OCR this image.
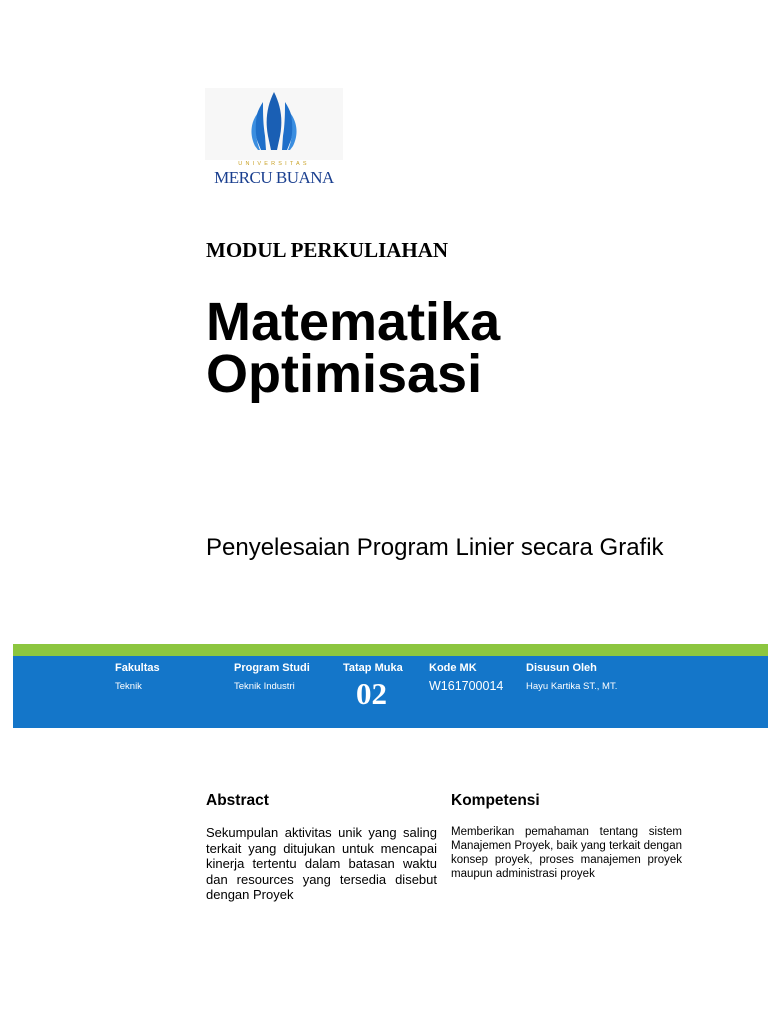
UNIVERSITAS
MERCU BUANA
MODUL PERKULIAHAN
Matematika Optimisasi
Penyelesaian Program Linier secara Grafik
Fakultas
Teknik
Program Studi
Teknik Industri
Tatap Muka
02
Kode MK
W161700014
Disusun Oleh
Hayu Kartika ST., MT.
Abstract	Kompetensi
Sekumpulan aktivitas unik yang saling terkait yang ditujukan untuk mencapai kinerja tertentu dalam batasan waktu dan resources yang tersedia disebut dengan Proyek
Memberikan pemahaman tentang sistem Manajemen Proyek, baik yang terkait dengan konsep proyek, proses manajemen proyek maupun administrasi proyek
